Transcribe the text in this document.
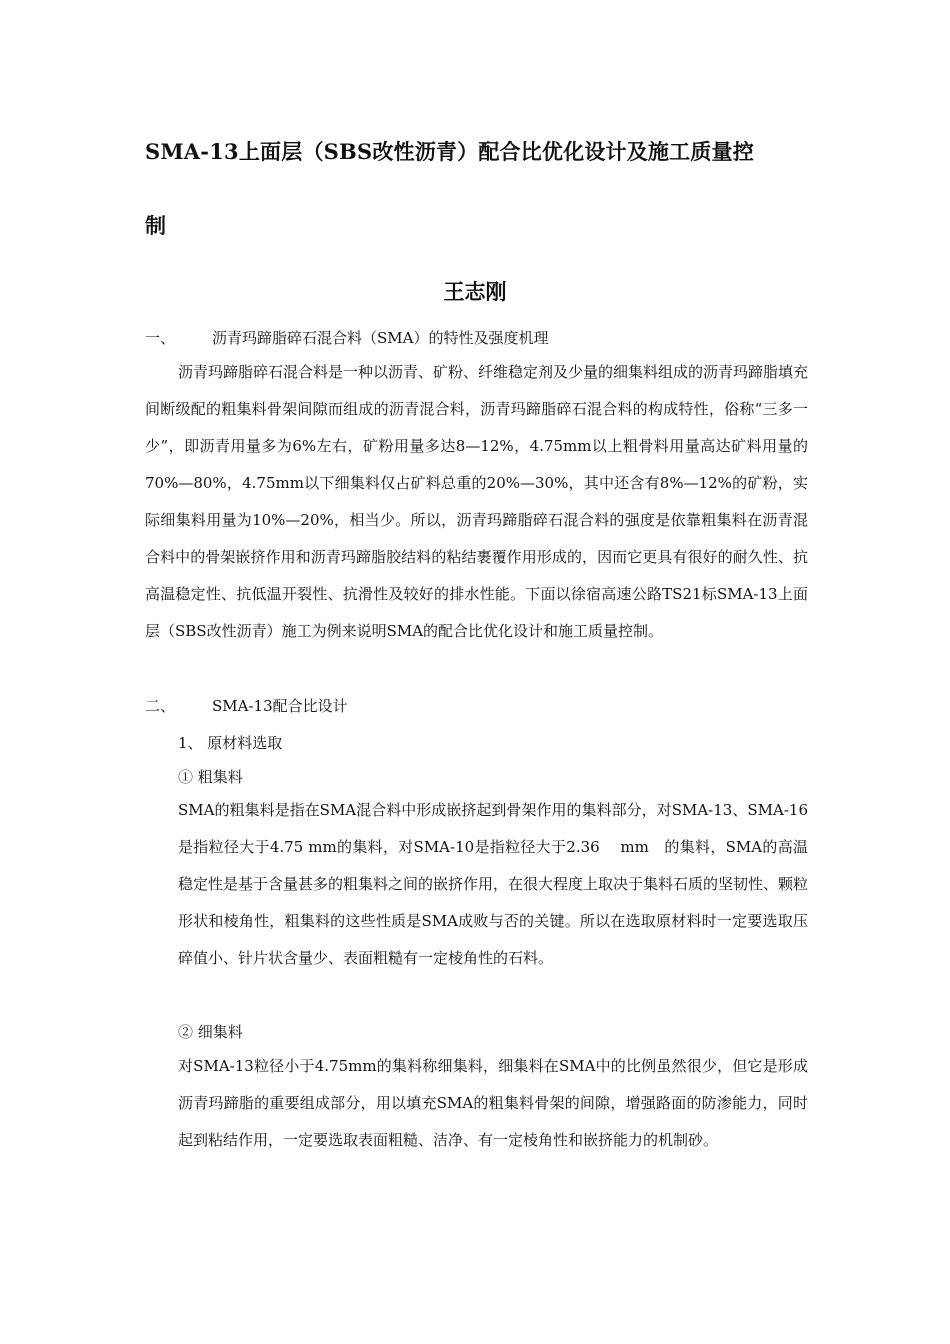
SMA-13上面层（SBS改性沥青）配合比优化设计及施工质量控
制
王志刚
一、 沥青玛蹄脂碎石混合料（SMA）的特性及强度机理
沥青玛蹄脂碎石混合料是一种以沥青、矿粉、纤维稳定剂及少量的细集料组成的沥青玛蹄脂填充间断级配的粗集料骨架间隙而组成的沥青混合料，沥青玛蹄脂碎石混合料的构成特性，俗称“三多一少”，即沥青用量多为6%左右，矿粉用量多达8—12%，4.75mm以上粗骨料用量高达矿料用量的70%—80%，4.75mm以下细集料仅占矿料总重的20%—30%，其中还含有8%—12%的矿粉，实际细集料用量为10%—20%，相当少。所以，沥青玛蹄脂碎石混合料的强度是依靠粗集料在沥青混合料中的骨架嵌挤作用和沥青玛蹄脂胶结料的粘结裹覆作用形成的，因而它更具有很好的耐久性、抗高温稳定性、抗低温开裂性、抗滑性及较好的排水性能。下面以徐宿高速公路TS21标SMA-13上面层（SBS改性沥青）施工为例来说明SMA的配合比优化设计和施工质量控制。
二、 SMA-13配合比设计
1、 原材料选取
① 粗集料
SMA的粗集料是指在SMA混合料中形成嵌挤起到骨架作用的集料部分，对SMA-13、SMA-16是指粒径大于4.75 mm的集料，对SMA-10是指粒径大于2.36　 mm　的集料，SMA的高温稳定性是基于含量甚多的粗集料之间的嵌挤作用，在很大程度上取决于集料石质的坚韧性、颗粒形状和棱角性，粗集料的这些性质是SMA成败与否的关键。所以在选取原材料时一定要选取压碎值小、针片状含量少、表面粗糙有一定棱角性的石料。
② 细集料
对SMA-13粒径小于4.75mm的集料称细集料，细集料在SMA中的比例虽然很少，但它是形成沥青玛蹄脂的重要组成部分，用以填充SMA的粗集料骨架的间隙，增强路面的防渗能力，同时起到粘结作用，一定要选取表面粗糙、洁净、有一定棱角性和嵌挤能力的机制砂。
